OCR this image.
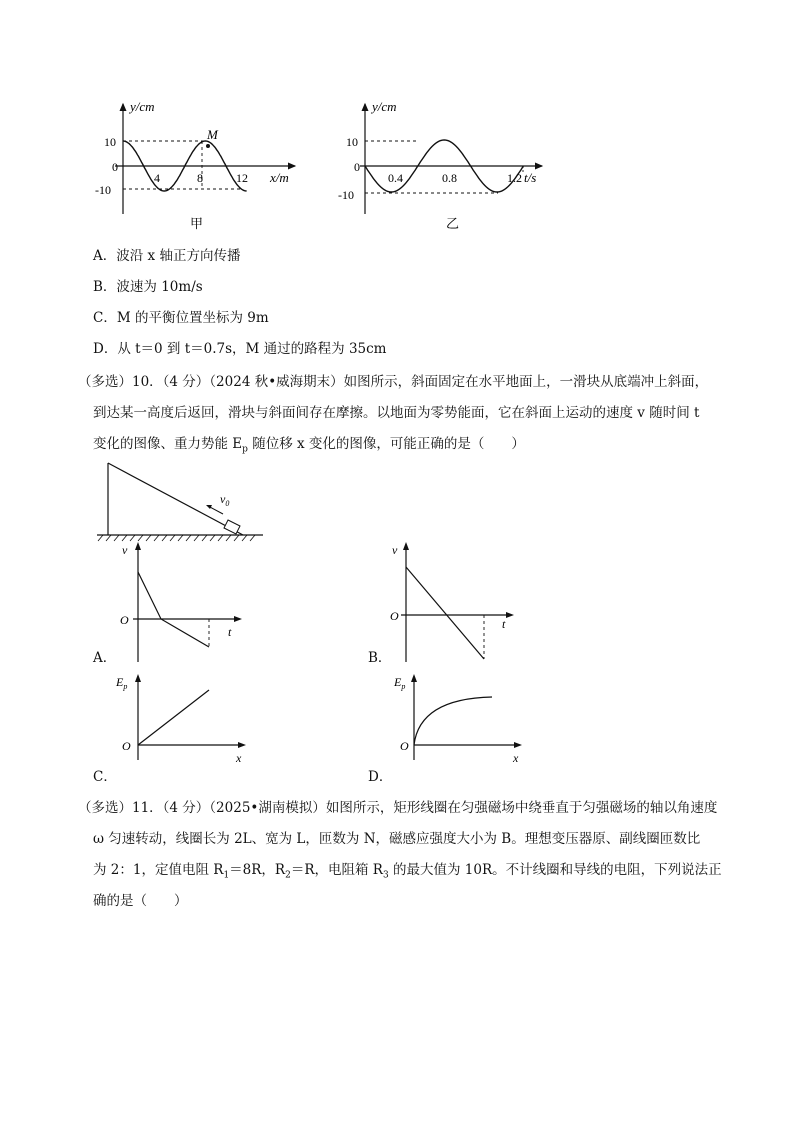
M
y/cm
x/m
10
0
-10
4	8	12
甲
y/cm
t/s
10
0
-10
0.4	0.8	1.2
乙
A．波沿 x 轴正方向传播
B．波速为 10m/s
C．M 的平衡位置坐标为 9m
D．从 t＝0 到 t＝0.7s，M 通过的路程为 35cm
（多选）10．（4 分）（2024 秋•威海期末）如图所示，斜面固定在水平地面上，一滑块从底端冲上斜面，
到达某一高度后返回，滑块与斜面间存在摩擦。以地面为零势能面，它在斜面上运动的速度 v 随时间 t
变化的图像、重力势能 $E_p$ 随位移 x 变化的图像，可能正确的是（　　）
$v_0$
v
O
t
A．
v
O
t
B．
$E_p$
O
x
C．
$E_p$
O
x
D．
（多选）11．（4 分）（2025•湖南模拟）如图所示，矩形线圈在匀强磁场中绕垂直于匀强磁场的轴以角速度
ω 匀速转动，线圈长为 2L、宽为 L，匝数为 N，磁感应强度大小为 B。理想变压器原、副线圈匝数比
为 2：1，定值电阻 $R_1=8R$，$R_2=R$，电阻箱 $R_3$ 的最大值为 10R。不计线圈和导线的电阻，下列说法正
确的是（　　）
